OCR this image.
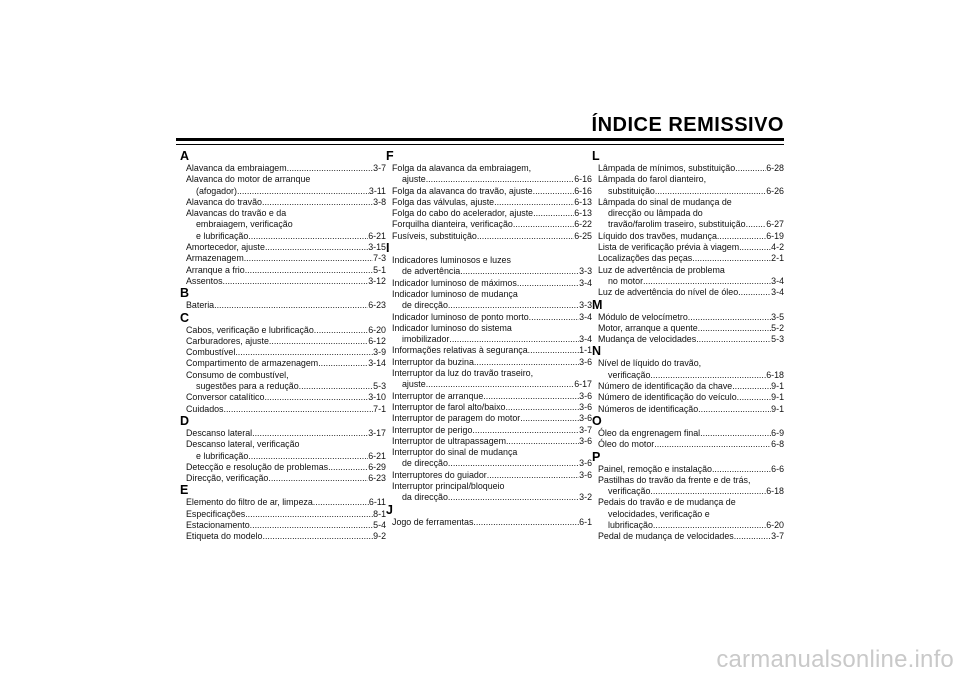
ÍNDICE REMISSIVO
A
Alavanca da embraiagem .....	3-7
Alavanca do motor de arranque
(afogador) .....	3-11
Alavanca do travão .....	3-8
Alavancas do travão e da
embraiagem, verificação
e lubrificação .....	6-21
Amortecedor, ajuste .....	3-15
Armazenagem .....	7-3
Arranque a frio .....	5-1
Assentos .....	3-12
B
Bateria .....	6-23
C
Cabos, verificação e lubrificação .....	6-20
Carburadores, ajuste .....	6-12
Combustível .....	3-9
Compartimento de armazenagem .....	3-14
Consumo de combustível,
sugestões para a redução .....	5-3
Conversor catalítico .....	3-10
Cuidados .....	7-1
D
Descanso lateral .....	3-17
Descanso lateral, verificação
e lubrificação .....	6-21
Detecção e resolução de problemas .....	6-29
Direcção, verificação .....	6-23
E
Elemento do filtro de ar, limpeza .....	6-11
Especificações .....	8-1
Estacionamento .....	5-4
Etiqueta do modelo .....	9-2
F
Folga da alavanca da embraiagem,
ajuste .....	6-16
Folga da alavanca do travão, ajuste .....	6-16
Folga das válvulas, ajuste .....	6-13
Folga do cabo do acelerador, ajuste .....	6-13
Forquilha dianteira, verificação .....	6-22
Fusíveis, substituição .....	6-25
I
Indicadores luminosos e luzes
de advertência .....	3-3
Indicador luminoso de máximos .....	3-4
Indicador luminoso de mudança
de direcção .....	3-3
Indicador luminoso de ponto morto .....	3-4
Indicador luminoso do sistema
imobilizador .....	3-4
Informações relativas à segurança .....	1-1
Interruptor da buzina .....	3-6
Interruptor da luz do travão traseiro,
ajuste .....	6-17
Interruptor de arranque .....	3-6
Interruptor de farol alto/baixo .....	3-6
Interruptor de paragem do motor .....	3-6
Interruptor de perigo .....	3-7
Interruptor de ultrapassagem .....	3-6
Interruptor do sinal de mudança
de direcção .....	3-6
Interruptores do guiador .....	3-6
Interruptor principal/bloqueio
da direcção .....	3-2
J
Jogo de ferramentas .....	6-1
L
Lâmpada de mínimos, substituição .....	6-28
Lâmpada do farol dianteiro,
substituição .....	6-26
Lâmpada do sinal de mudança de
direcção ou lâmpada do
travão/farolim traseiro, substituição ..... 6-27
Líquido dos travões, mudança .....	6-19
Lista de verificação prévia à viagem .....	4-2
Localizações das peças .....	2-1
Luz de advertência de problema
no motor .....	3-4
Luz de advertência do nível de óleo .....	3-4
M
Módulo de velocímetro .....	3-5
Motor, arranque a quente .....	5-2
Mudança de velocidades .....	5-3
N
Nível de líquido do travão,
verificação .....	6-18
Número de identificação da chave .....	9-1
Número de identificação do veículo .....	9-1
Números de identificação .....	9-1
O
Óleo da engrenagem final .....	6-9
Óleo do motor .....	6-8
P
Painel, remoção e instalação .....	6-6
Pastilhas do travão da frente e de trás,
verificação .....	6-18
Pedais do travão e de mudança de
velocidades, verificação e
lubrificação .....	6-20
Pedal de mudança de velocidades .....	3-7
carmanualsonline.info
